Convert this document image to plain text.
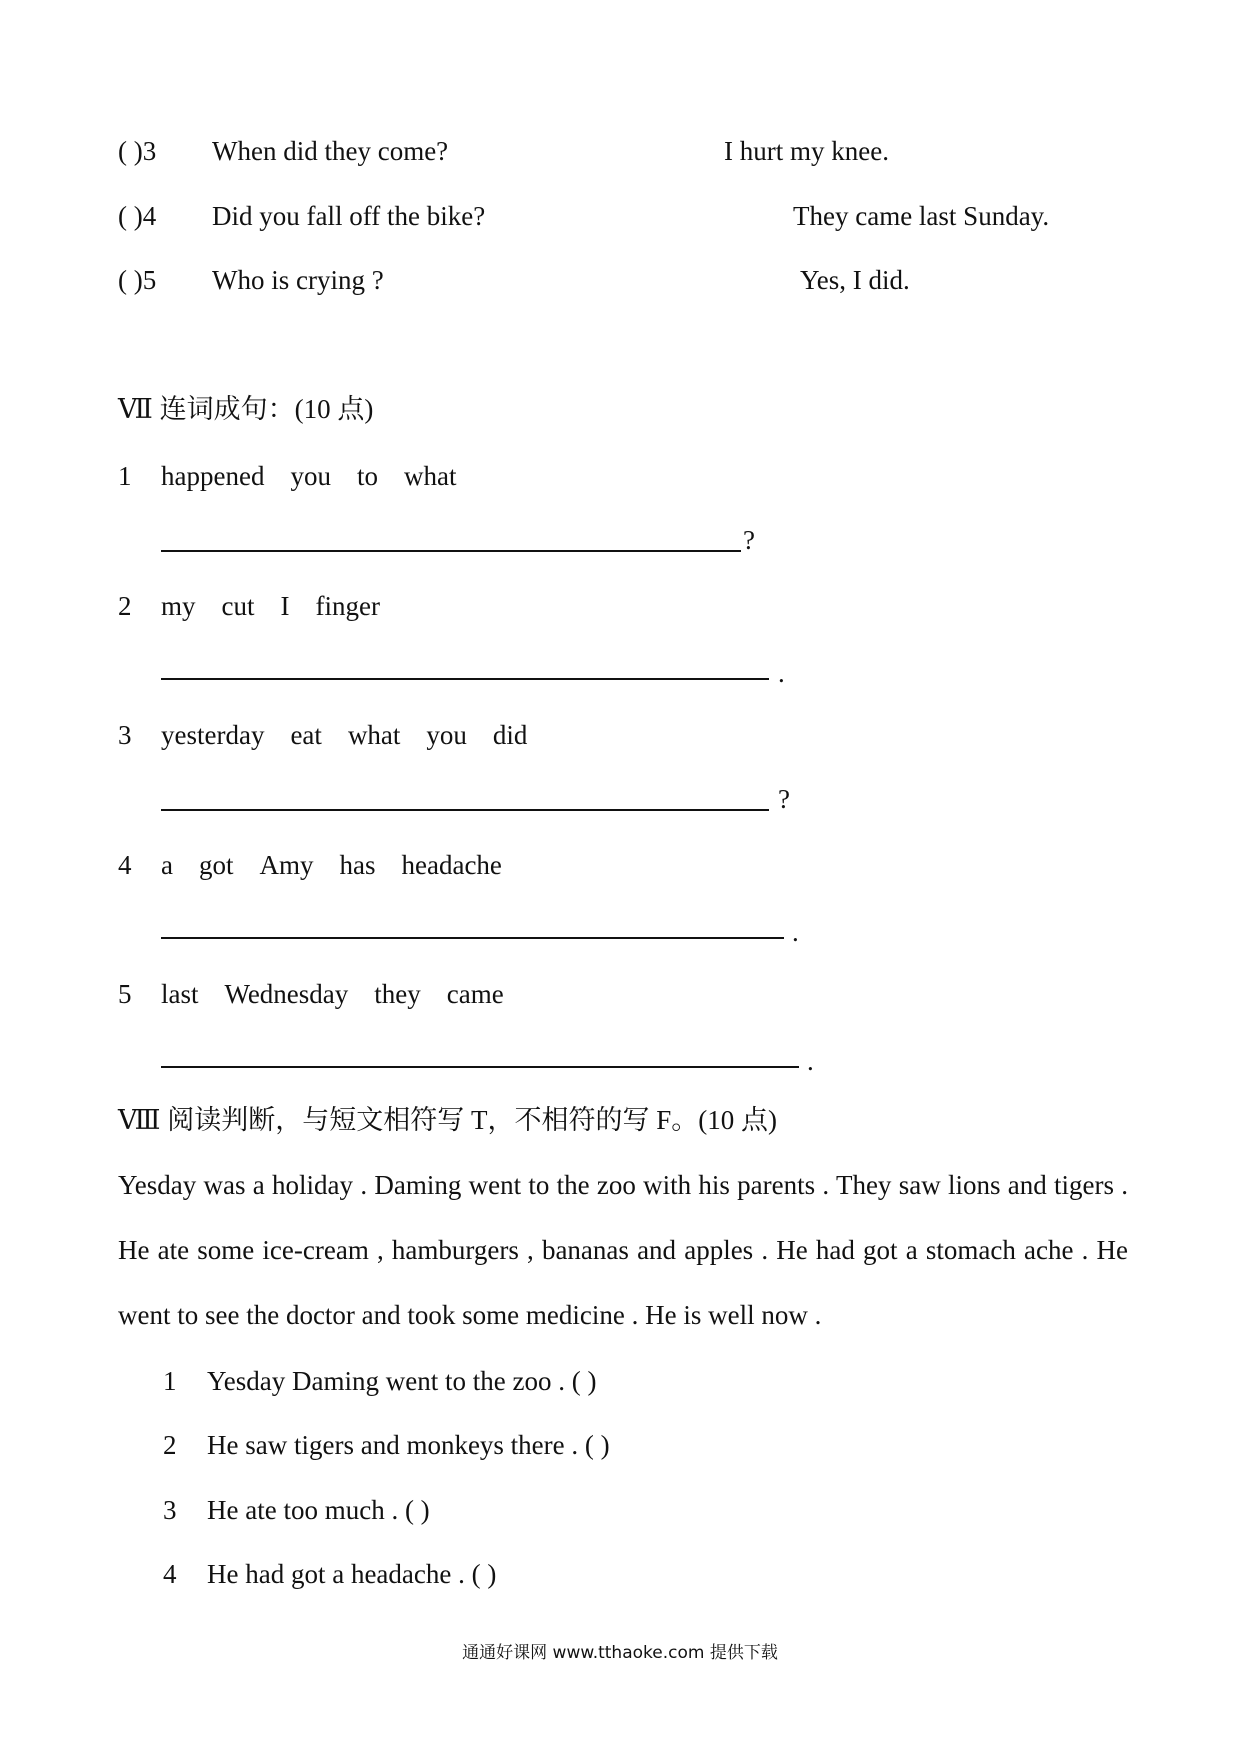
( )3 When did they come?	I hurt my knee.
( )4 Did you fall off the bike?	They came last Sunday.
( )5 Who is crying ?	Yes, I did.
Ⅶ 连词成句：(10 点)
1 happened you to what
?
2 my cut I finger
.
3 yesterday eat what you did
?
4 a got Amy has headache
.
5 last Wednesday they came
.
Ⅷ 阅读判断，与短文相符写 T，不相符的写 F。(10 点)
Yesday was a holiday . Daming went to the zoo with his parents . They saw lions and tigers . He ate some ice-cream , hamburgers , bananas and apples . He had got a stomach ache . He went to see the doctor and took some medicine . He is well now .
1 Yesday Daming went to the zoo . ( )
2 He saw tigers and monkeys there . ( )
3 He ate too much . ( )
4 He had got a headache . ( )
通通好课网 www.tthaoke.com 提供下载
